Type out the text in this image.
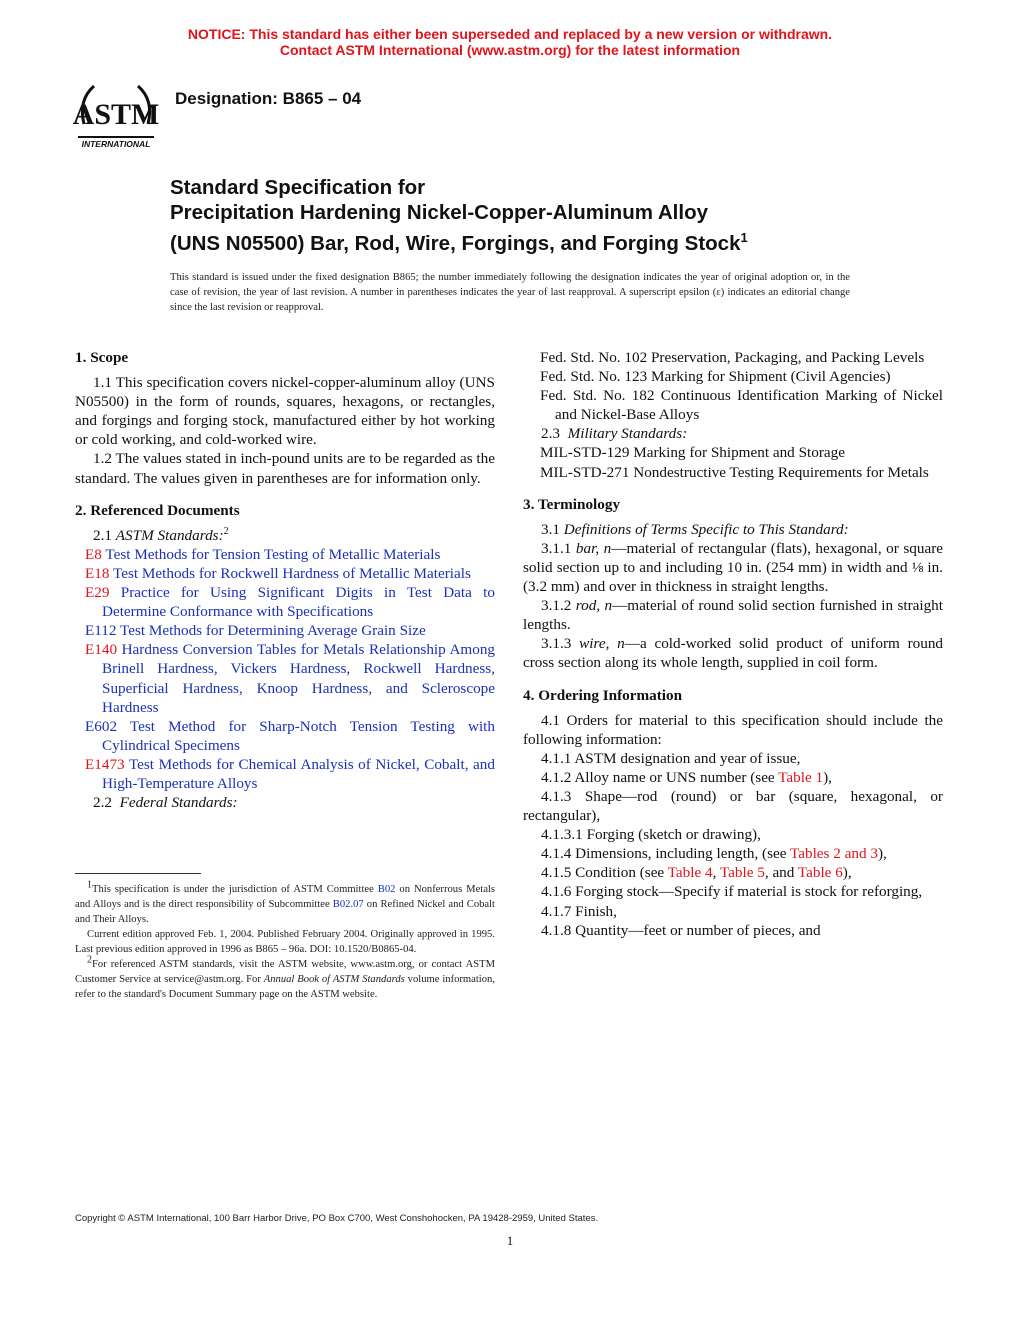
NOTICE: This standard has either been superseded and replaced by a new version or withdrawn.
Contact ASTM International (www.astm.org) for the latest information
ASTM
INTERNATIONAL
Designation: B865 – 04
Standard Specification for
Precipitation Hardening Nickel-Copper-Aluminum Alloy
(UNS N05500) Bar, Rod, Wire, Forgings, and Forging Stock$^1$
This standard is issued under the fixed designation B865; the number immediately following the designation indicates the year of original adoption or, in the case of revision, the year of last revision. A number in parentheses indicates the year of last reapproval. A superscript epsilon (ε) indicates an editorial change since the last revision or reapproval.

1. Scope

1.1 This specification covers nickel-copper-aluminum alloy (UNS N05500) in the form of rounds, squares, hexagons, or rectangles, and forgings and forging stock, manufactured either by hot working or cold working, and cold-worked wire.

1.2 The values stated in inch-pound units are to be regarded as the standard. The values given in parentheses are for information only.

2. Referenced Documents

2.1 ASTM Standards:$^2$

E8 Test Methods for Tension Testing of Metallic Materials

E18 Test Methods for Rockwell Hardness of Metallic Materials

E29 Practice for Using Significant Digits in Test Data to Determine Conformance with Specifications

E112 Test Methods for Determining Average Grain Size

E140 Hardness Conversion Tables for Metals Relationship Among Brinell Hardness, Vickers Hardness, Rockwell Hardness, Superficial Hardness, Knoop Hardness, and Scleroscope Hardness

E602 Test Method for Sharp-Notch Tension Testing with Cylindrical Specimens

E1473 Test Methods for Chemical Analysis of Nickel, Cobalt, and High-Temperature Alloys

2.2 Federal Standards:

1This specification is under the jurisdiction of ASTM Committee B02 on Nonferrous Metals and Alloys and is the direct responsibility of Subcommittee B02.07 on Refined Nickel and Cobalt and Their Alloys.

Current edition approved Feb. 1, 2004. Published February 2004. Originally approved in 1995. Last previous edition approved in 1996 as B865 – 96a. DOI: 10.1520/B0865-04.

2For referenced ASTM standards, visit the ASTM website, www.astm.org, or contact ASTM Customer Service at service@astm.org. For Annual Book of ASTM Standards volume information, refer to the standard's Document Summary page on the ASTM website.

Fed. Std. No. 102 Preservation, Packaging, and Packing Levels

Fed. Std. No. 123 Marking for Shipment (Civil Agencies)

Fed. Std. No. 182 Continuous Identification Marking of Nickel and Nickel-Base Alloys

2.3 Military Standards:

MIL-STD-129 Marking for Shipment and Storage

MIL-STD-271 Nondestructive Testing Requirements for Metals

3. Terminology

3.1 Definitions of Terms Specific to This Standard:

3.1.1 bar, n—material of rectangular (flats), hexagonal, or square solid section up to and including 10 in. (254 mm) in width and ⅛ in. (3.2 mm) and over in thickness in straight lengths.

3.1.2 rod, n—material of round solid section furnished in straight lengths.

3.1.3 wire, n—a cold-worked solid product of uniform round cross section along its whole length, supplied in coil form.

4. Ordering Information

4.1 Orders for material to this specification should include the following information:

4.1.1 ASTM designation and year of issue,

4.1.2 Alloy name or UNS number (see Table 1),

4.1.3 Shape—rod (round) or bar (square, hexagonal, or rectangular),

4.1.3.1 Forging (sketch or drawing),

4.1.4 Dimensions, including length, (see Tables 2 and 3),

4.1.5 Condition (see Table 4, Table 5, and Table 6),

4.1.6 Forging stock—Specify if material is stock for reforging,

4.1.7 Finish,

4.1.8 Quantity—feet or number of pieces, and

Copyright © ASTM International, 100 Barr Harbor Drive, PO Box C700, West Conshohocken, PA 19428-2959, United States.
1
